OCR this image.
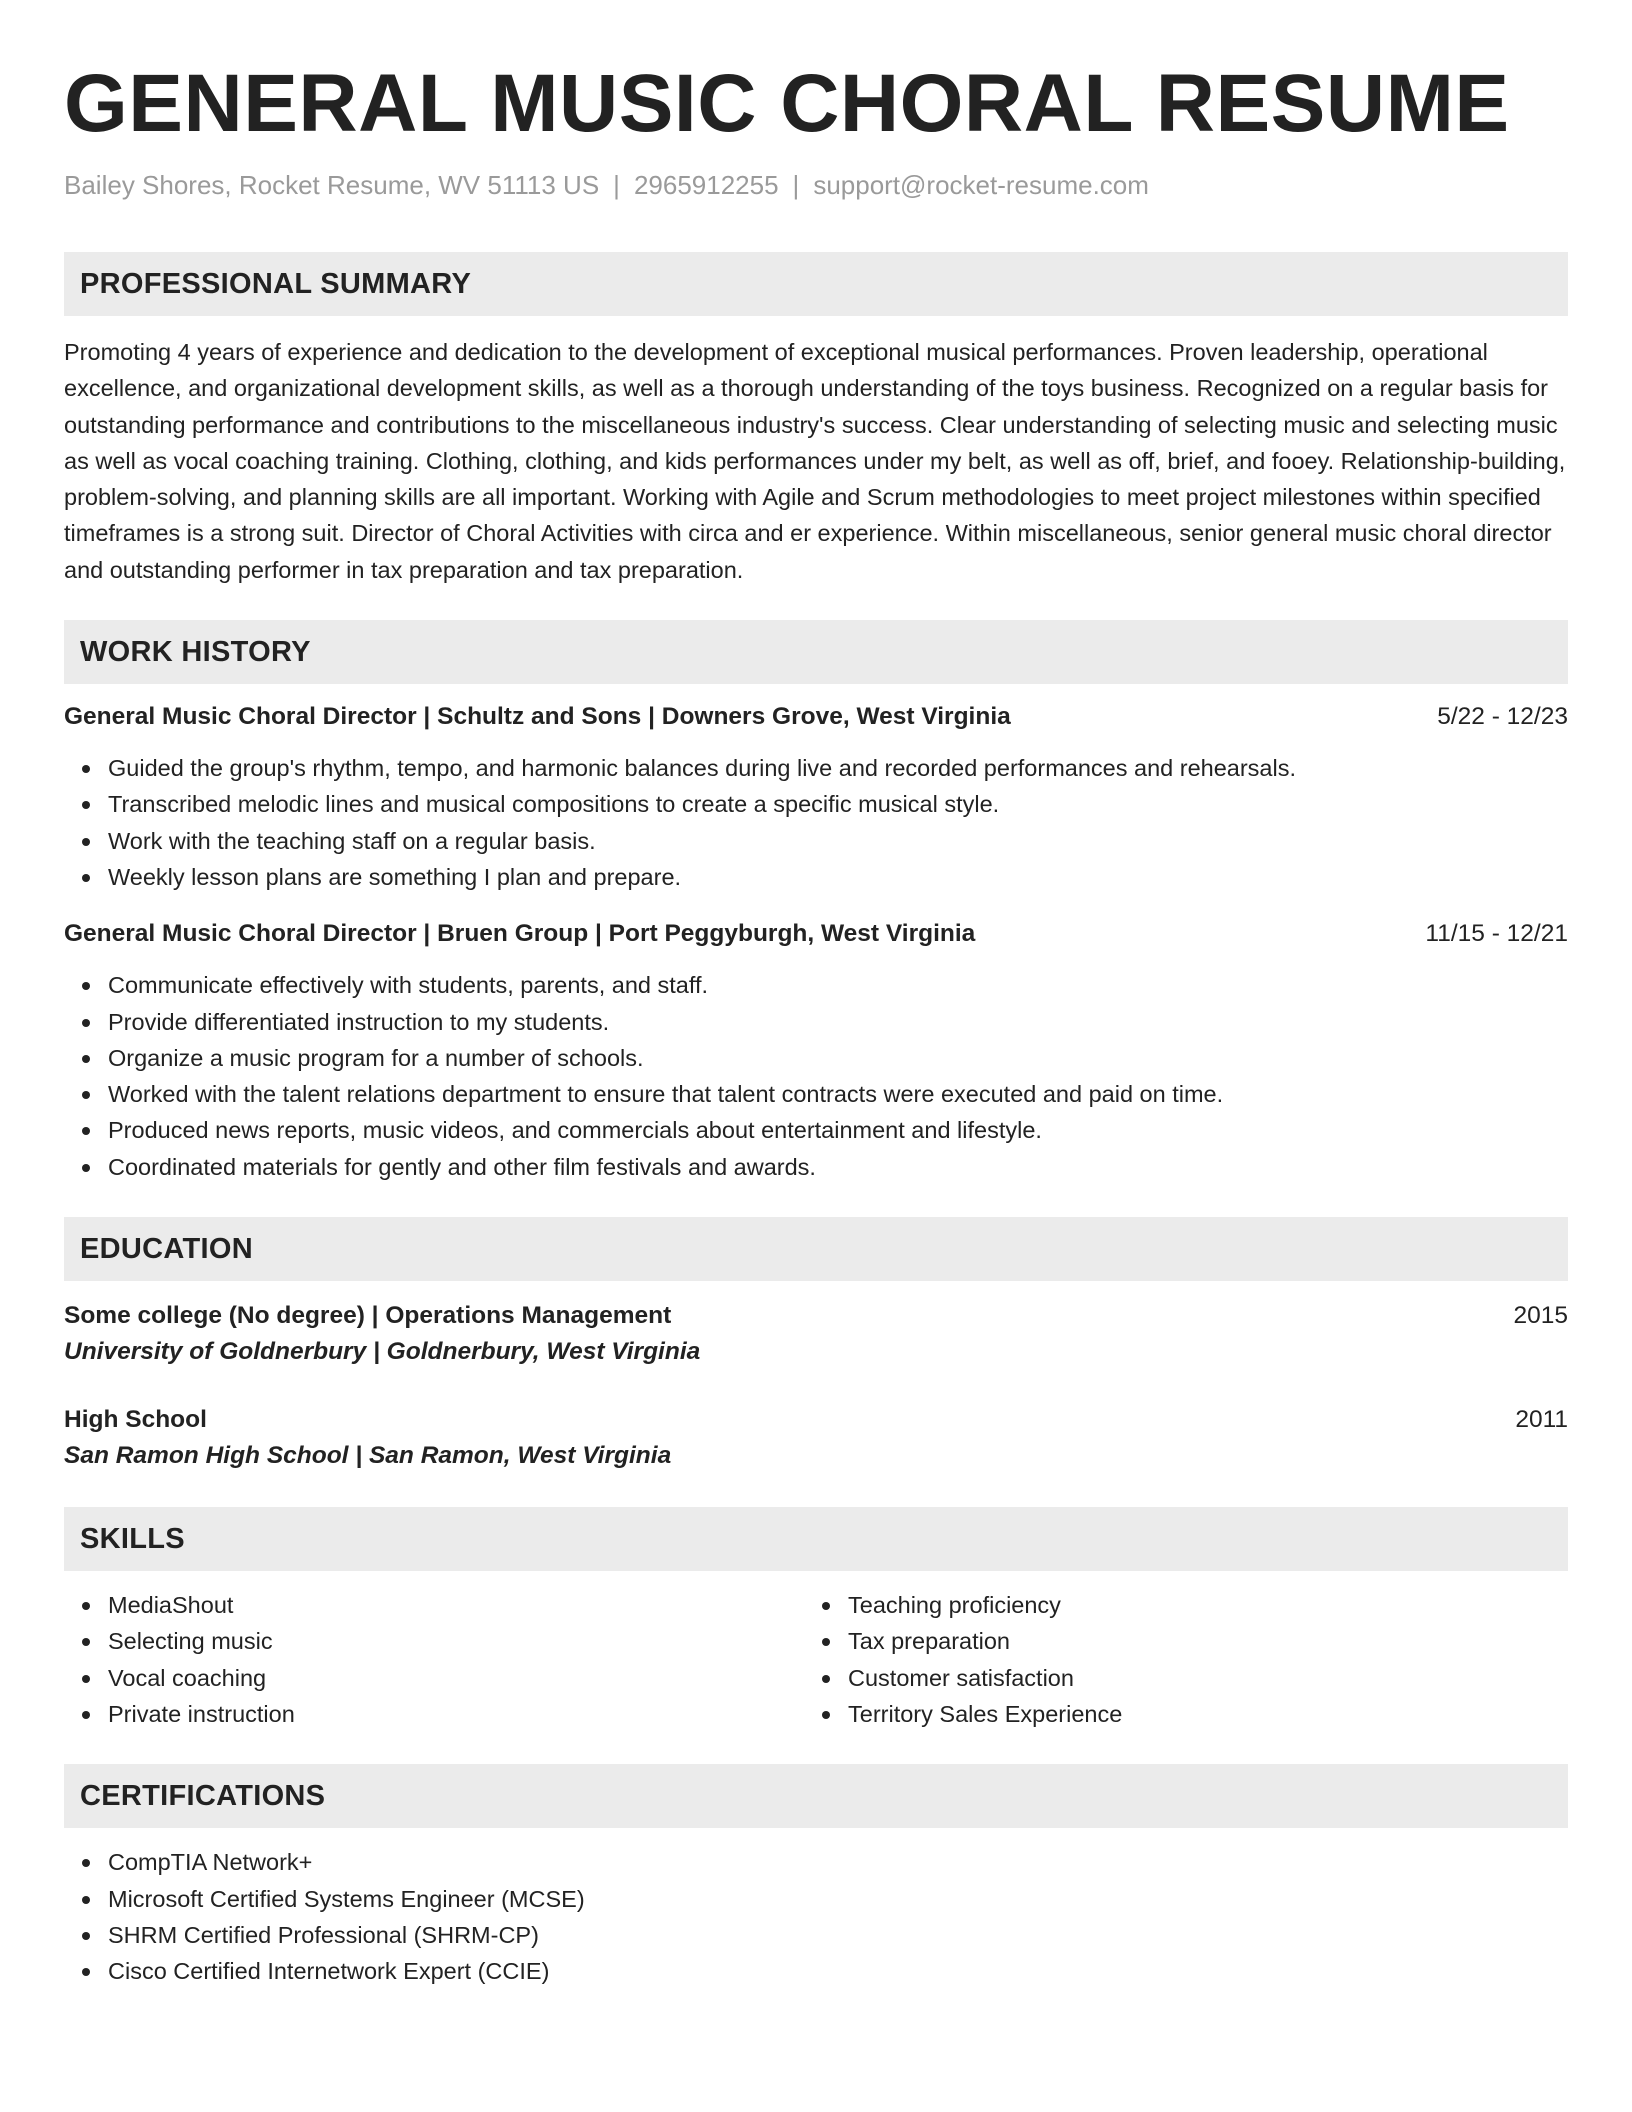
GENERAL MUSIC CHORAL RESUME
Bailey Shores, Rocket Resume, WV 51113 US | 2965912255 | support@rocket-resume.com
PROFESSIONAL SUMMARY
Promoting 4 years of experience and dedication to the development of exceptional musical performances. Proven leadership, operational excellence, and organizational development skills, as well as a thorough understanding of the toys business. Recognized on a regular basis for outstanding performance and contributions to the miscellaneous industry's success. Clear understanding of selecting music and selecting music as well as vocal coaching training. Clothing, clothing, and kids performances under my belt, as well as off, brief, and fooey. Relationship-building, problem-solving, and planning skills are all important. Working with Agile and Scrum methodologies to meet project milestones within specified timeframes is a strong suit. Director of Choral Activities with circa and er experience. Within miscellaneous, senior general music choral director and outstanding performer in tax preparation and tax preparation.
WORK HISTORY
General Music Choral Director | Schultz and Sons | Downers Grove, West Virginia	5/22 - 12/23
Guided the group's rhythm, tempo, and harmonic balances during live and recorded performances and rehearsals.
Transcribed melodic lines and musical compositions to create a specific musical style.
Work with the teaching staff on a regular basis.
Weekly lesson plans are something I plan and prepare.
General Music Choral Director | Bruen Group | Port Peggyburgh, West Virginia	11/15 - 12/21
Communicate effectively with students, parents, and staff.
Provide differentiated instruction to my students.
Organize a music program for a number of schools.
Worked with the talent relations department to ensure that talent contracts were executed and paid on time.
Produced news reports, music videos, and commercials about entertainment and lifestyle.
Coordinated materials for gently and other film festivals and awards.
EDUCATION
Some college (No degree) | Operations Management	2015
University of Goldnerbury | Goldnerbury, West Virginia
High School	2011
San Ramon High School | San Ramon, West Virginia
SKILLS
MediaShout
Selecting music
Vocal coaching
Private instruction
Teaching proficiency
Tax preparation
Customer satisfaction
Territory Sales Experience
CERTIFICATIONS
CompTIA Network+
Microsoft Certified Systems Engineer (MCSE)
SHRM Certified Professional (SHRM-CP)
Cisco Certified Internetwork Expert (CCIE)
